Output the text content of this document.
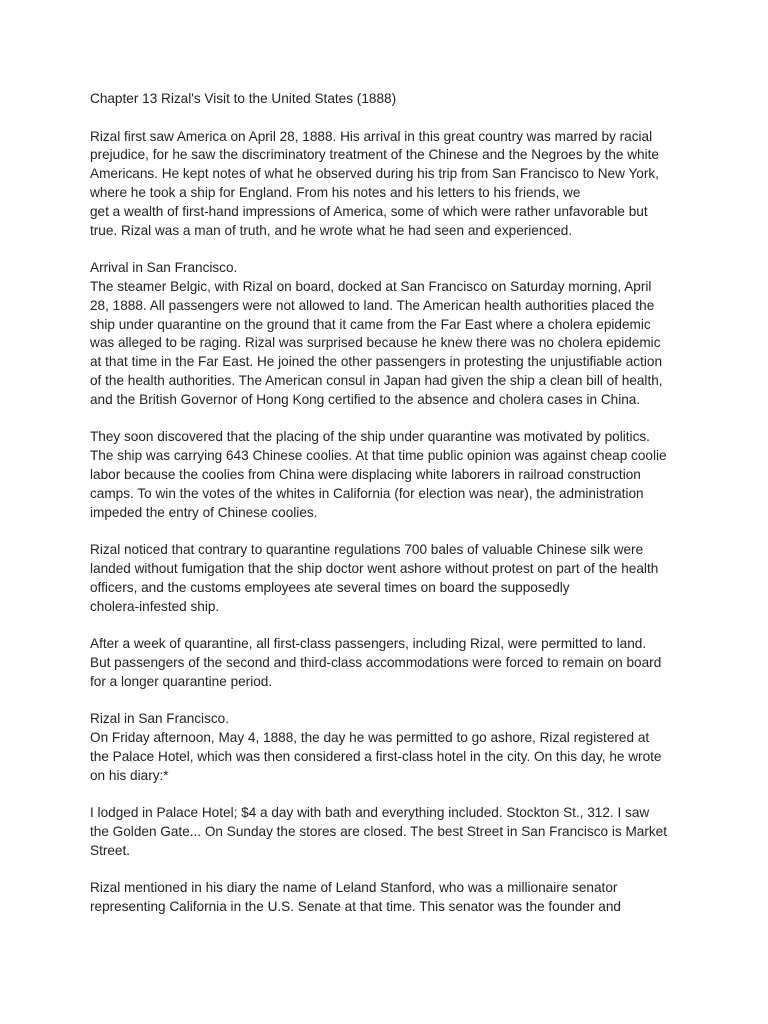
Chapter 13 Rizal's Visit to the United States (1888)
Rizal first saw America on April 28, 1888. His arrival in this great country was marred by racial
prejudice, for he saw the discriminatory treatment of the Chinese and the Negroes by the white
Americans. He kept notes of what he observed during his trip from San Francisco to New York,
where he took a ship for England. From his notes and his letters to his friends, we
get a wealth of first-hand impressions of America, some of which were rather unfavorable but
true. Rizal was a man of truth, and he wrote what he had seen and experienced.
Arrival in San Francisco.
The steamer Belgic, with Rizal on board, docked at San Francisco on Saturday morning, April
28, 1888. All passengers were not allowed to land. The American health authorities placed the
ship under quarantine on the ground that it came from the Far East where a cholera epidemic
was alleged to be raging. Rizal was surprised because he knew there was no cholera epidemic
at that time in the Far East. He joined the other passengers in protesting the unjustifiable action
of the health authorities. The American consul in Japan had given the ship a clean bill of health,
and the British Governor of Hong Kong certified to the absence and cholera cases in China.
They soon discovered that the placing of the ship under quarantine was motivated by politics.
The ship was carrying 643 Chinese coolies. At that time public opinion was against cheap coolie
labor because the coolies from China were displacing white laborers in railroad construction
camps. To win the votes of the whites in California (for election was near), the administration
impeded the entry of Chinese coolies.
Rizal noticed that contrary to quarantine regulations 700 bales of valuable Chinese silk were
landed without fumigation that the ship doctor went ashore without protest on part of the health
officers, and the customs employees ate several times on board the supposedly
cholera-infested ship.
After a week of quarantine, all first-class passengers, including Rizal, were permitted to land.
But passengers of the second and third-class accommodations were forced to remain on board
for a longer quarantine period.
Rizal in San Francisco.
On Friday afternoon, May 4, 1888, the day he was permitted to go ashore, Rizal registered at
the Palace Hotel, which was then considered a first-class hotel in the city. On this day, he wrote
on his diary:*
I lodged in Palace Hotel; $4 a day with bath and everything included. Stockton St., 312. I saw
the Golden Gate... On Sunday the stores are closed. The best Street in San Francisco is Market
Street.
Rizal mentioned in his diary the name of Leland Stanford, who was a millionaire senator
representing California in the U.S. Senate at that time. This senator was the founder and
